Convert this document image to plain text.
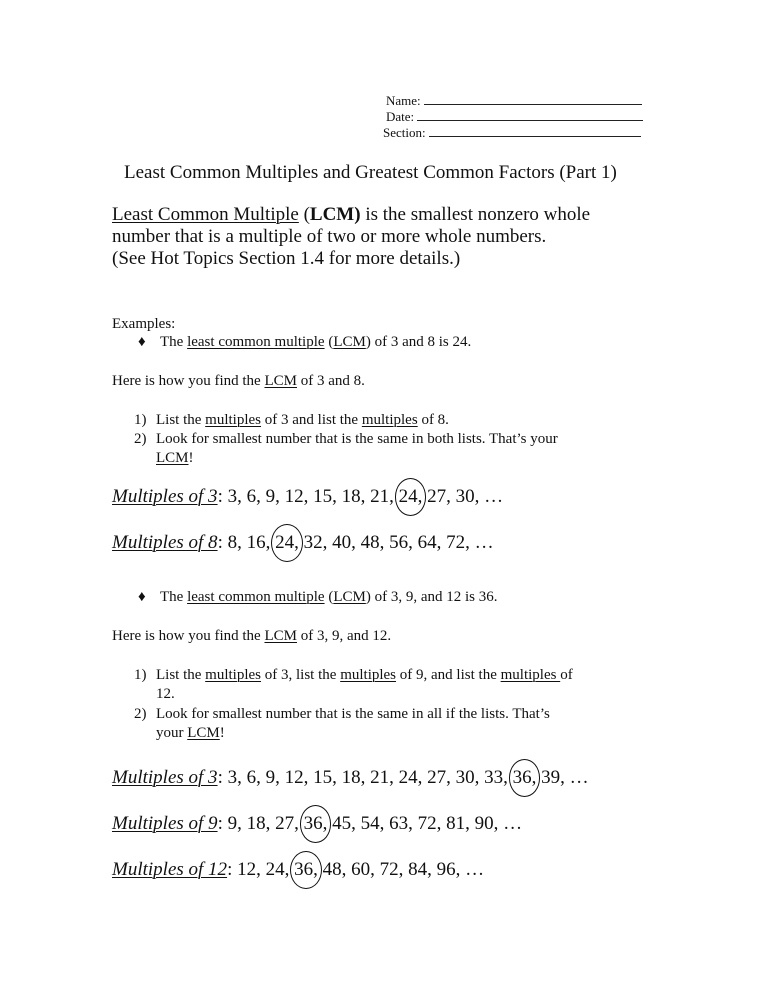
Name:
Date:
Section:
Least Common Multiples and Greatest Common Factors (Part 1)
Least Common Multiple (LCM) is the smallest nonzero whole
number that is a multiple of two or more whole numbers.
(See Hot Topics Section 1.4 for more details.)
Examples:
♦ The least common multiple (LCM) of 3 and 8 is 24.
Here is how you find the LCM of 3 and 8.
1) List the multiples of 3 and list the multiples of 8.
2) Look for smallest number that is the same in both lists. That’s your
LCM!
Multiples of 3: 3, 6, 9, 12, 15, 18, 21, 24, 27, 30, …
Multiples of 8: 8, 16, 24, 32, 40, 48, 56, 64, 72, …
♦ The least common multiple (LCM) of 3, 9, and 12 is 36.
Here is how you find the LCM of 3, 9, and 12.
1) List the multiples of 3, list the multiples of 9, and list the multiples of
12.
2) Look for smallest number that is the same in all if the lists. That’s
your LCM!
Multiples of 3: 3, 6, 9, 12, 15, 18, 21, 24, 27, 30, 33, 36, 39, …
Multiples of 9: 9, 18, 27, 36, 45, 54, 63, 72, 81, 90, …
Multiples of 12: 12, 24, 36, 48, 60, 72, 84, 96, …
